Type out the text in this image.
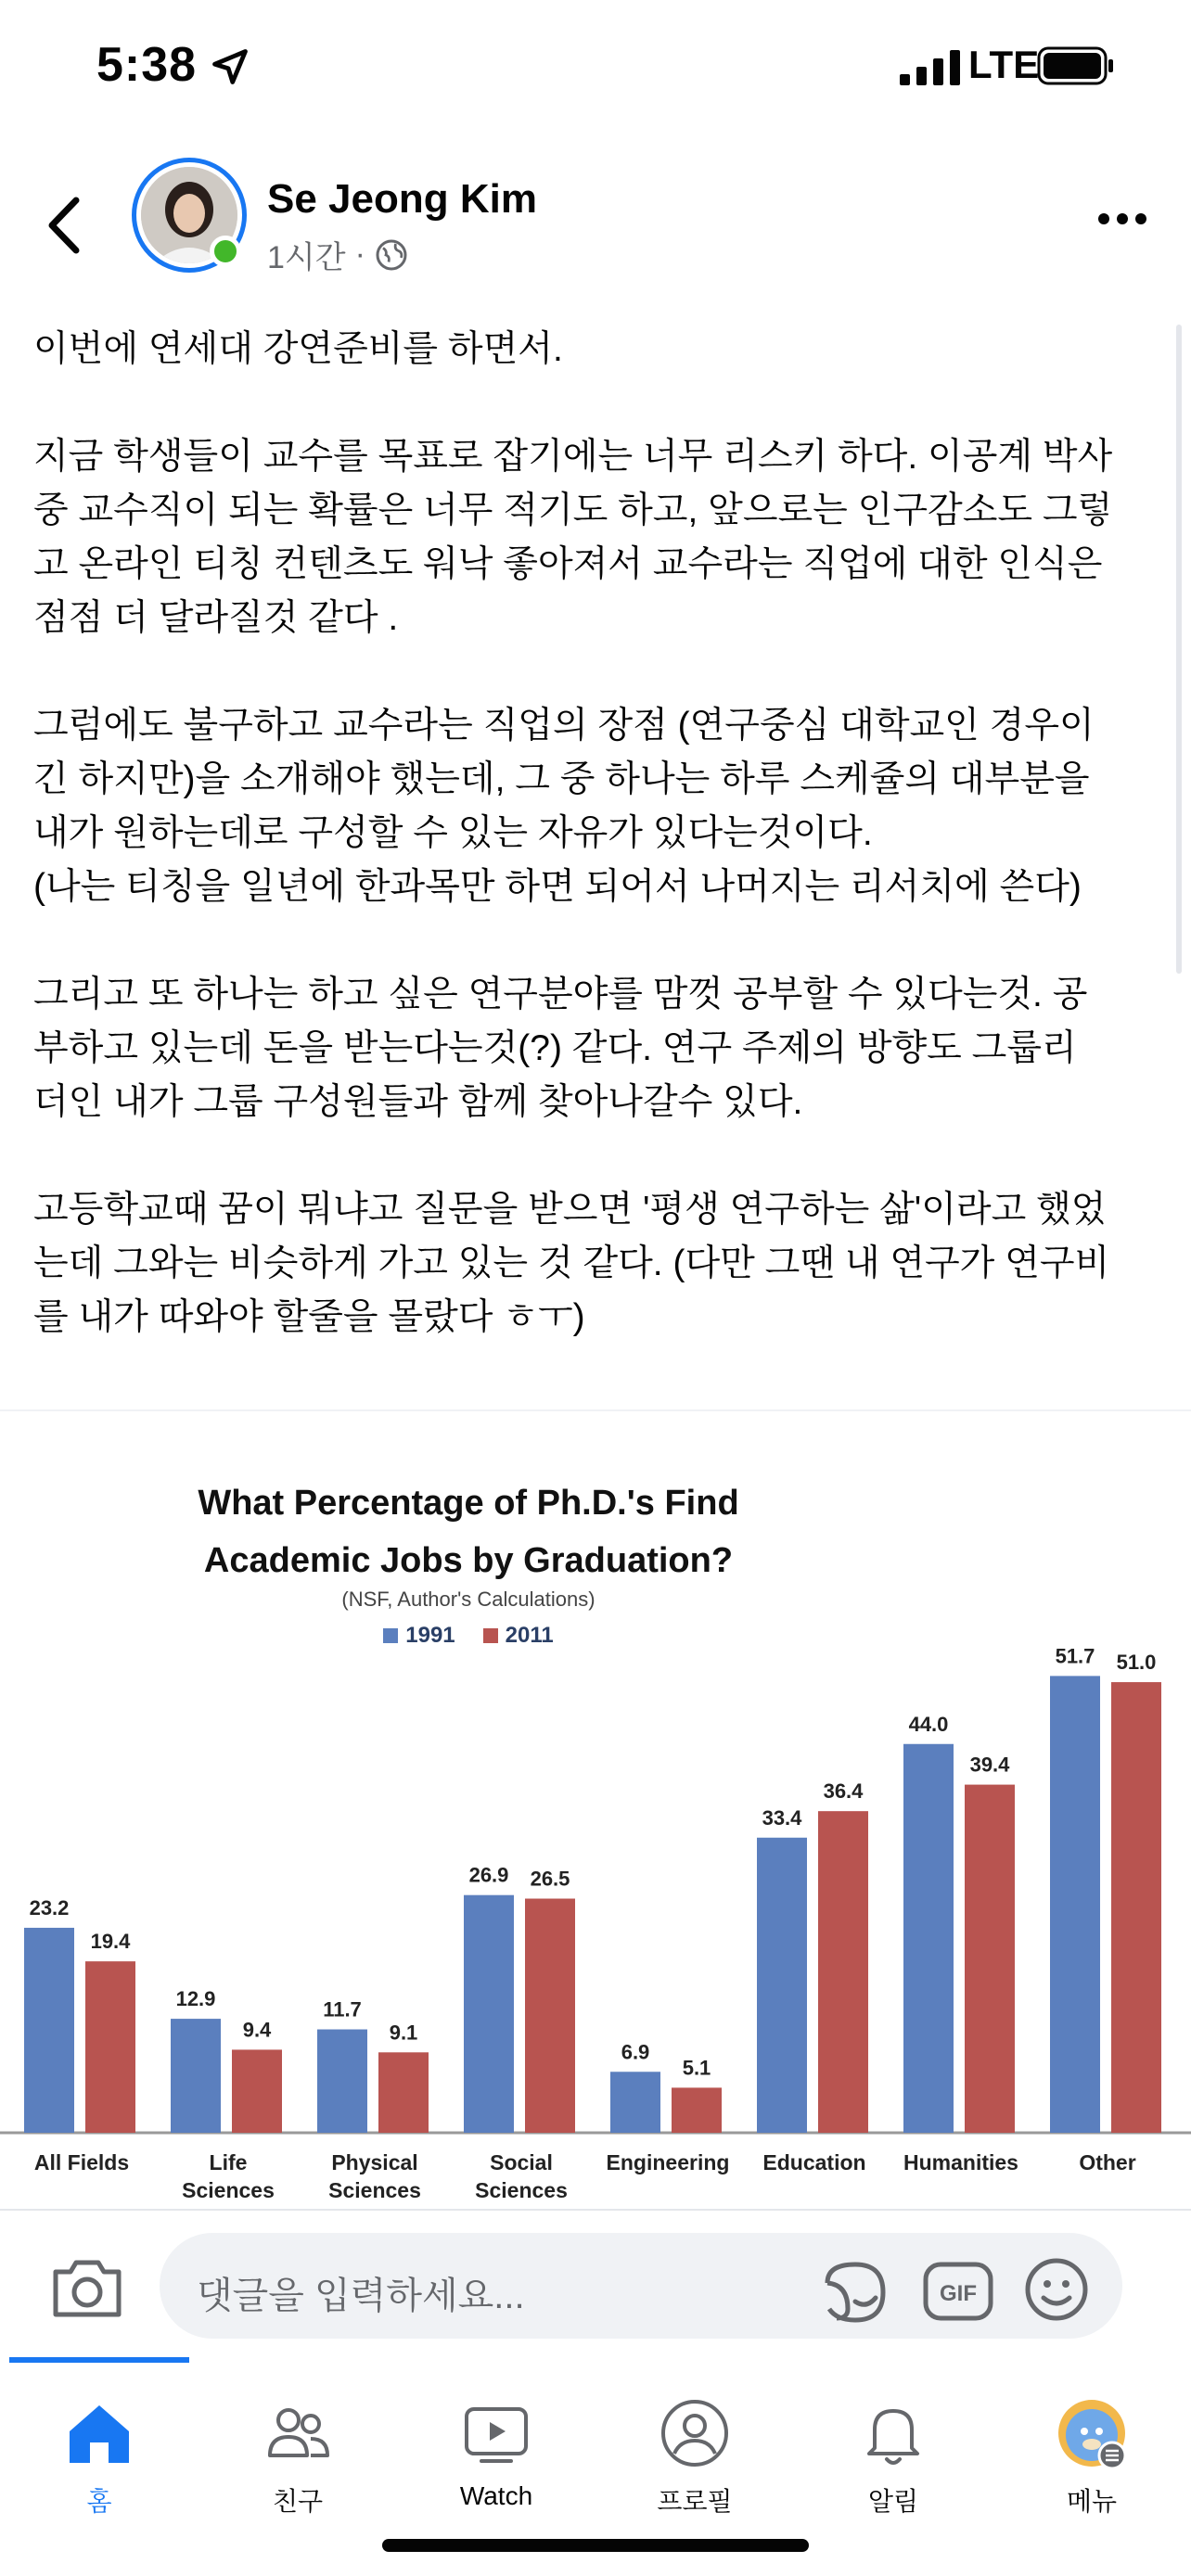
5:38	LTE
Se Jeong Kim
1시간 ·

이번에 연세대 강연준비를 하면서.

지금 학생들이 교수를 목표로 잡기에는 너무 리스키 하다. 이공계 박사

중 교수직이 되는 확률은 너무 적기도 하고, 앞으로는 인구감소도 그렇

고 온라인 티칭 컨텐츠도 워낙 좋아져서 교수라는 직업에 대한 인식은

점점 더 달라질것 같다 .

그럼에도 불구하고 교수라는 직업의 장점 (연구중심 대학교인 경우이

긴 하지만)을 소개해야 했는데, 그 중 하나는 하루 스케쥴의 대부분을

내가 원하는데로 구성할 수 있는 자유가 있다는것이다.

(나는 티칭을 일년에 한과목만 하면 되어서 나머지는 리서치에 쓴다)

그리고 또 하나는 하고 싶은 연구분야를 맘껏 공부할 수 있다는것. 공

부하고 있는데 돈을 받는다는것(?) 같다. 연구 주제의 방향도 그룹리

더인 내가 그룹 구성원들과 함께 찾아나갈수 있다.

고등학교때 꿈이 뭐냐고 질문을 받으면 '평생 연구하는 삶'이라고 했었

는데 그와는 비슷하게 가고 있는 것 같다. (다만 그땐 내 연구가 연구비

를 내가 따와야 할줄을 몰랐다 ㅎㅜ)

What Percentage of Ph.D.'s Find
Academic Jobs by Graduation?
(NSF, Author's Calculations)
1991 2011
23.2
19.4
All Fields
12.9
9.4
Life
Sciences
11.7
9.1
Physical
Sciences
26.9 26.5
Social
Sciences
6.9
5.1
Engineering
33.4
36.4
Education
44.0
39.4
Humanities
51.7 51.0
Other
댓글을 입력하세요...	GIF
홈	친구	Watch	프로필	알림	메뉴
